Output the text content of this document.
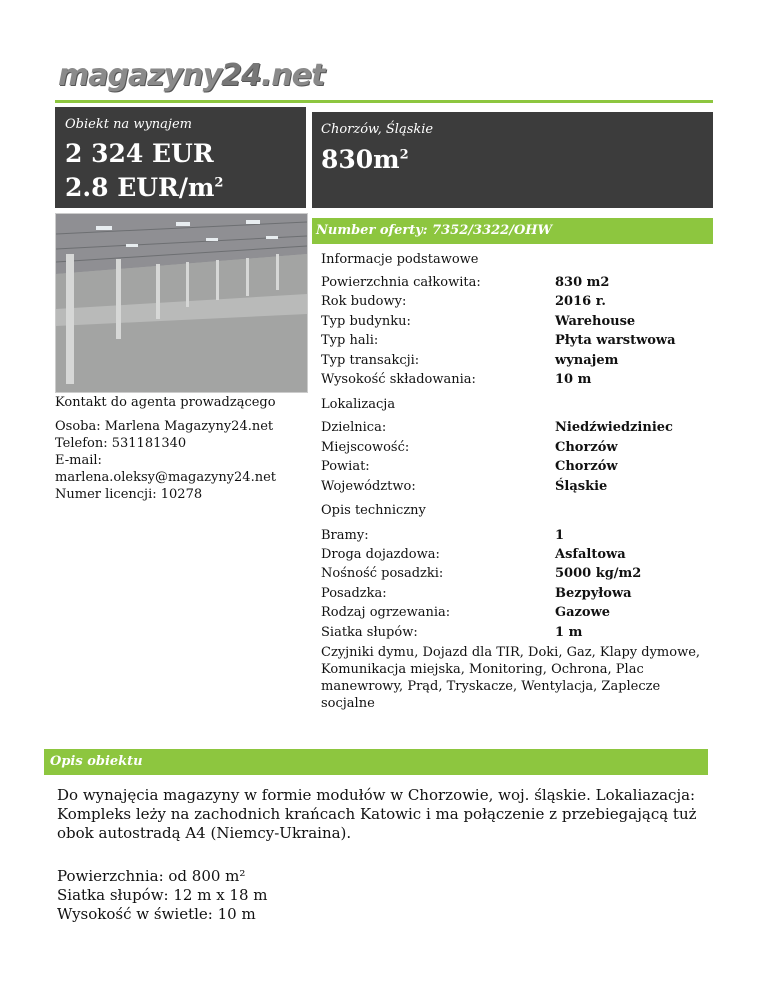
magazyny24.net
Obiekt na wynajem
2 324 EUR
2.8 EUR/$m^2$
Chorzów, Śląskie
$830m^2$
Number oferty: 7352/3322/OHW
Informacje podstawowe
Powierzchnia całkowita:	830 m2
Rok budowy:	2016 r.
Typ budynku:	Warehouse
Typ hali:	Płyta warstwowa
Typ transakcji:	wynajem
Wysokość składowania:	10 m
Kontakt do agenta prowadzącego
Osoba: Marlena Magazyny24.net
Telefon: 531181340
E-mail:
marlena.oleksy@magazyny24.net
Numer licencji: 10278
Lokalizacja
Dzielnica:	Niedźwiedziniec
Miejscowość:	Chorzów
Powiat:	Chorzów
Województwo:	Śląskie
Opis techniczny
Bramy:	1
Droga dojazdowa:	Asfaltowa
Nośność posadzki:	5000 kg/m2
Posadzka:	Bezpyłowa
Rodzaj ogrzewania:	Gazowe
Siatka słupów:	1 m
Czyjniki dymu, Dojazd dla TIR, Doki, Gaz, Klapy dymowe, Komunikacja miejska, Monitoring, Ochrona, Plac manewrowy, Prąd, Tryskacze, Wentylacja, Zaplecze socjalne
Opis obiektu
Do wynajęcia magazyny w formie modułów w Chorzowie, woj. śląskie. Lokaliazacja: Kompleks leży na zachodnich krańcach Katowic i ma połączenie z przebiegającą tuż obok autostradą A4 (Niemcy-Ukraina).
Powierzchnia: od 800 m²
Siatka słupów: 12 m x 18 m
Wysokość w świetle: 10 m
